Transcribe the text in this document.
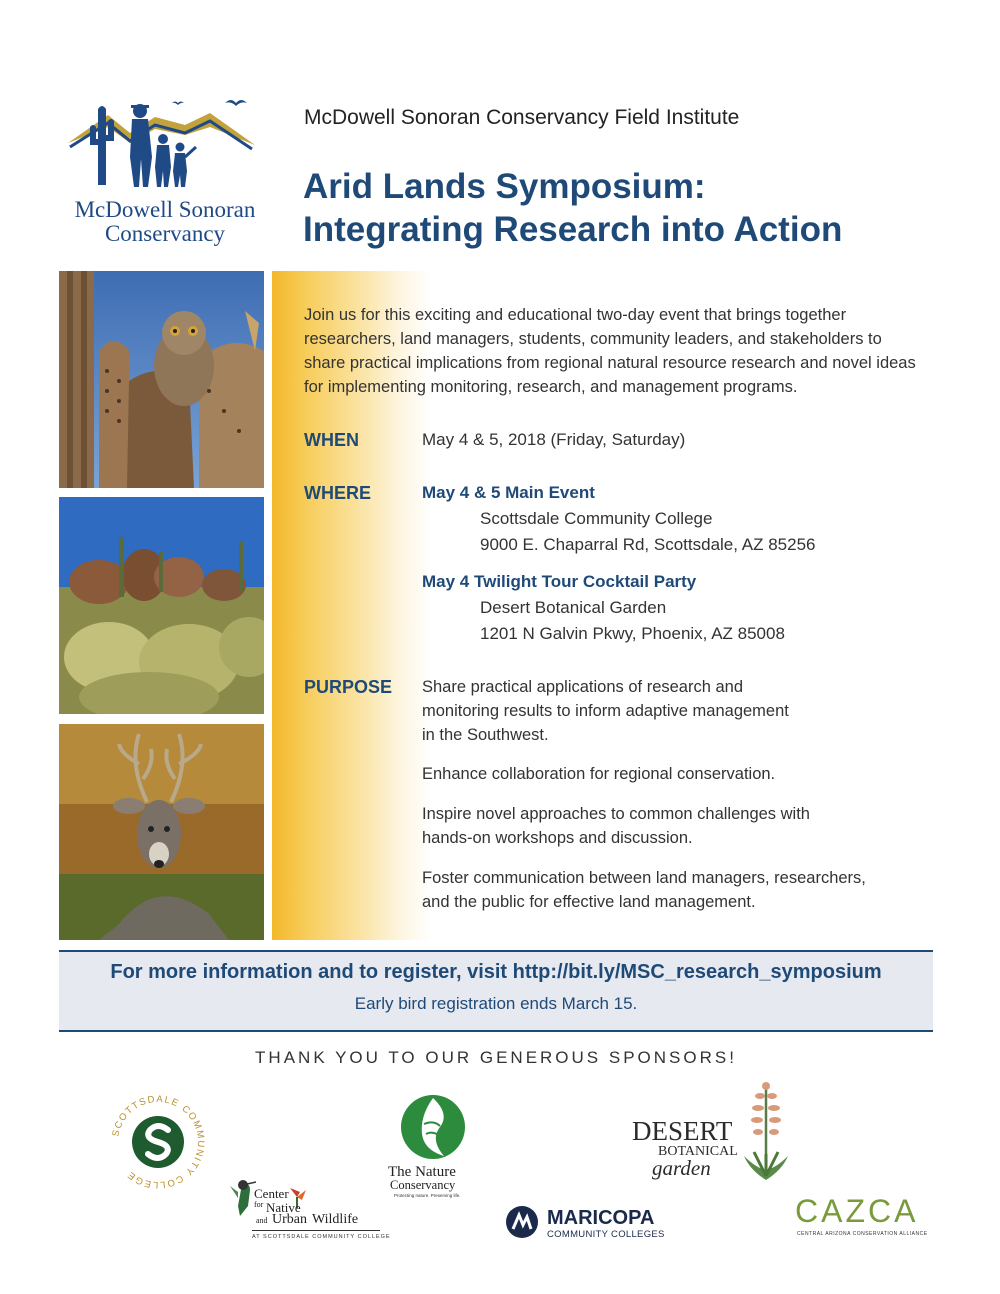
McDowell Sonoran
Conservancy
McDowell Sonoran Conservancy Field Institute
Arid Lands Symposium:
Integrating Research into Action
Join us for this exciting and educational two-day event that brings together researchers, land managers, students, community leaders, and stakeholders to share practical implications from regional natural resource research and novel ideas for implementing monitoring, research, and management programs.
WHEN	May 4 & 5, 2018 (Friday, Saturday)
WHERE	May 4 & 5 Main Event
Scottsdale Community College
9000 E. Chaparral Rd, Scottsdale, AZ 85256
May 4 Twilight Tour Cocktail Party
Desert Botanical Garden
1201 N Galvin Pkwy, Phoenix, AZ 85008
PURPOSE Share practical applications of research and
monitoring results to inform adaptive management
in the Southwest.
Enhance collaboration for regional conservation.
Inspire novel approaches to common challenges with
hands-on workshops and discussion.
Foster communication between land managers, researchers,
and the public for effective land management.
For more information and to register, visit http://bit.ly/MSC_research_symposium
Early bird registration ends March 15.
THANK YOU TO OUR GENEROUS SPONSORS!
SCOTTSDALE COMMUNITY COLLEGE
Center
for Native
and Urban Wildlife
AT SCOTTSDALE COMMUNITY COLLEGE
The Nature
Conservancy
Protecting nature. Preserving life.
MARICOPA
COMMUNITY COLLEGES
DESERT
BOTANICAL
garden
CAZCA
CENTRAL ARIZONA CONSERVATION ALLIANCE
